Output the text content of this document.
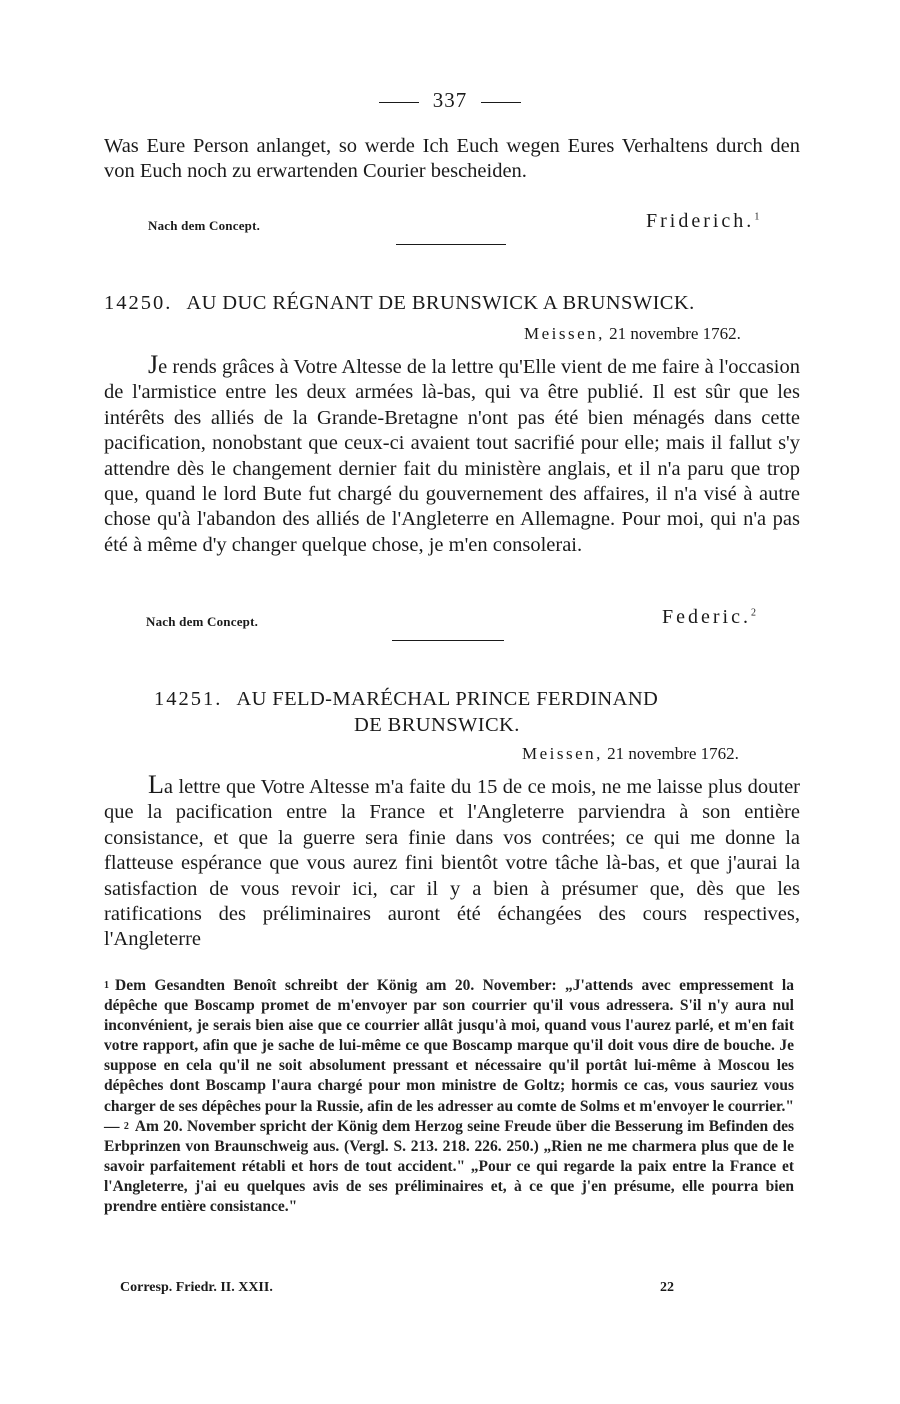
337
Was Eure Person anlanget, so werde Ich Euch wegen Eures Verhaltens durch den von Euch noch zu erwartenden Courier bescheiden.
Nach dem Concept.	Friderich.$^1$
14250. AU DUC RÉGNANT DE BRUNSWICK A BRUNSWICK.
Meissen, 21 novembre 1762.
Je rends grâces à Votre Altesse de la lettre qu'Elle vient de me faire à l'occasion de l'armistice entre les deux armées là-bas, qui va être publié. Il est sûr que les intérêts des alliés de la Grande-Bretagne n'ont pas été bien ménagés dans cette pacification, nonobstant que ceux-ci avaient tout sacrifié pour elle; mais il fallut s'y attendre dès le changement dernier fait du ministère anglais, et il n'a paru que trop que, quand le lord Bute fut chargé du gouvernement des affaires, il n'a visé à autre chose qu'à l'abandon des alliés de l'Angleterre en Allemagne. Pour moi, qui n'a pas été à même d'y changer quelque chose, je m'en consolerai.
Nach dem Concept.	Federic.$^2$
14251. AU FELD-MARÉCHAL PRINCE FERDINAND
DE BRUNSWICK.
Meissen, 21 novembre 1762.
La lettre que Votre Altesse m'a faite du 15 de ce mois, ne me laisse plus douter que la pacification entre la France et l'Angleterre parviendra à son entière consistance, et que la guerre sera finie dans vos contrées; ce qui me donne la flatteuse espérance que vous aurez fini bientôt votre tâche là-bas, et que j'aurai la satisfaction de vous revoir ici, car il y a bien à présumer que, dès que les ratifications des préliminaires auront été échangées des cours respectives, l'Angleterre
1 Dem Gesandten Benoît schreibt der König am 20. November: „J'attends avec empressement la dépêche que Boscamp promet de m'envoyer par son courrier qu'il vous adressera. S'il n'y aura nul inconvénient, je serais bien aise que ce courrier allât jusqu'à moi, quand vous l'aurez parlé, et m'en fait votre rapport, afin que je sache de lui-même ce que Boscamp marque qu'il doit vous dire de bouche. Je suppose en cela qu'il ne soit absolument pressant et nécessaire qu'il portât lui-même à Moscou les dépêches dont Boscamp l'aura chargé pour mon ministre de Goltz; hormis ce cas, vous sauriez vous charger de ses dépêches pour la Russie, afin de les adresser au comte de Solms et m'envoyer le courrier." — 2 Am 20. November spricht der König dem Herzog seine Freude über die Besserung im Befinden des Erbprinzen von Braunschweig aus. (Vergl. S. 213. 218. 226. 250.) „Rien ne me charmera plus que de le savoir parfaitement rétabli et hors de tout accident." „Pour ce qui regarde la paix entre la France et l'Angleterre, j'ai eu quelques avis de ses préliminaires et, à ce que j'en présume, elle pourra bien prendre entière consistance."
Corresp. Friedr. II. XXII.	22
